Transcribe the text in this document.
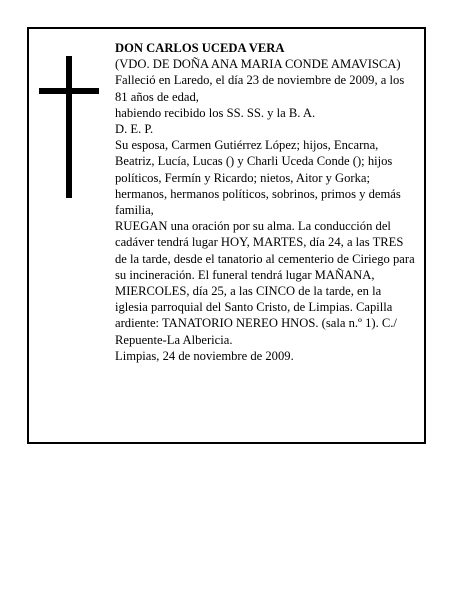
DON CARLOS UCEDA VERA

(VDO. DE DOÑA ANA MARIA CONDE AMAVISCA)

Falleció en Laredo, el día 23 de noviembre de 2009, a los 81 años de edad,

habiendo recibido los SS. SS. y la B. A.

D. E. P.

Su esposa, Carmen Gutiérrez López; hijos, Encarna, Beatriz, Lucía, Lucas () y Charli Uceda Conde (); hijos políticos, Fermín y Ricardo; nietos, Aitor y Gorka; hermanos, hermanos políticos, sobrinos, primos y demás familia,

RUEGAN una oración por su alma. La conducción del cadáver tendrá lugar HOY, MARTES, día 24, a las TRES de la tarde, desde el tanatorio al cementerio de Ciriego para su incineración. El funeral tendrá lugar MAÑANA, MIERCOLES, día 25, a las CINCO de la tarde, en la iglesia parroquial del Santo Cristo, de Limpias. Capilla ardiente: TANATORIO NEREO HNOS. (sala n.º 1). C./ Repuente-La Albericia.

Limpias, 24 de noviembre de 2009.
